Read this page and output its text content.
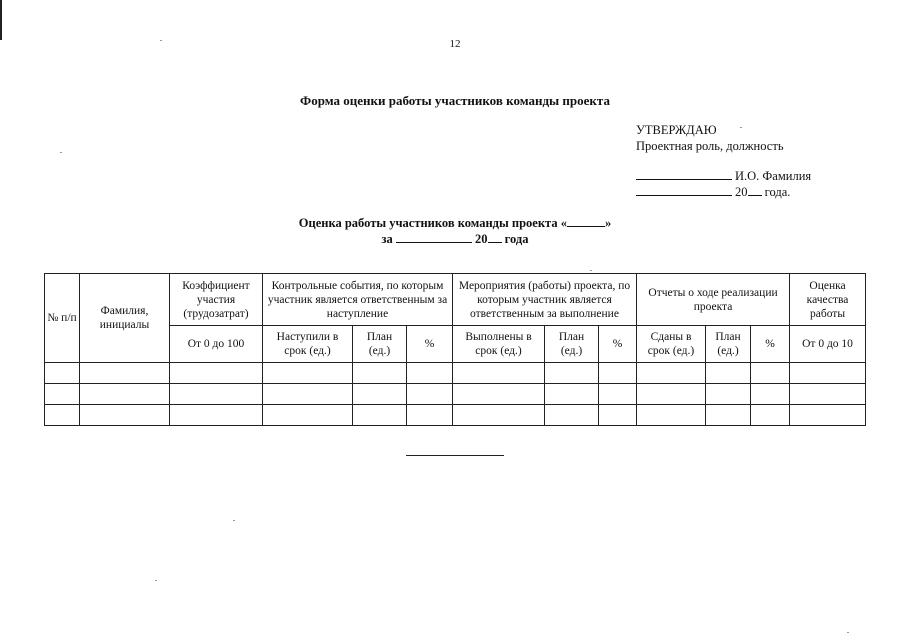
12
Форма оценки работы участников команды проекта
УТВЕРЖДАЮ
Проектная роль, должность
И.О. Фамилия
20 года.
Оценка работы участников команды проекта «	»
за	20 года
№ п/п	Фамилия, инициалы	Коэффициент участия (трудозатрат)	Контрольные события, по которым участник является ответственным за наступление			Мероприятия (работы) проекта, по которым участник является ответственным за выполнение			Отчеты о ходе реализации проекта			Оценка качества работы
		От 0 до 100	Наступили в срок (ед.)	План (ед.)	%	Выполнены в срок (ед.)	План (ед.)	%	Сданы в срок (ед.)	План (ед.)	%	От 0 до 10
